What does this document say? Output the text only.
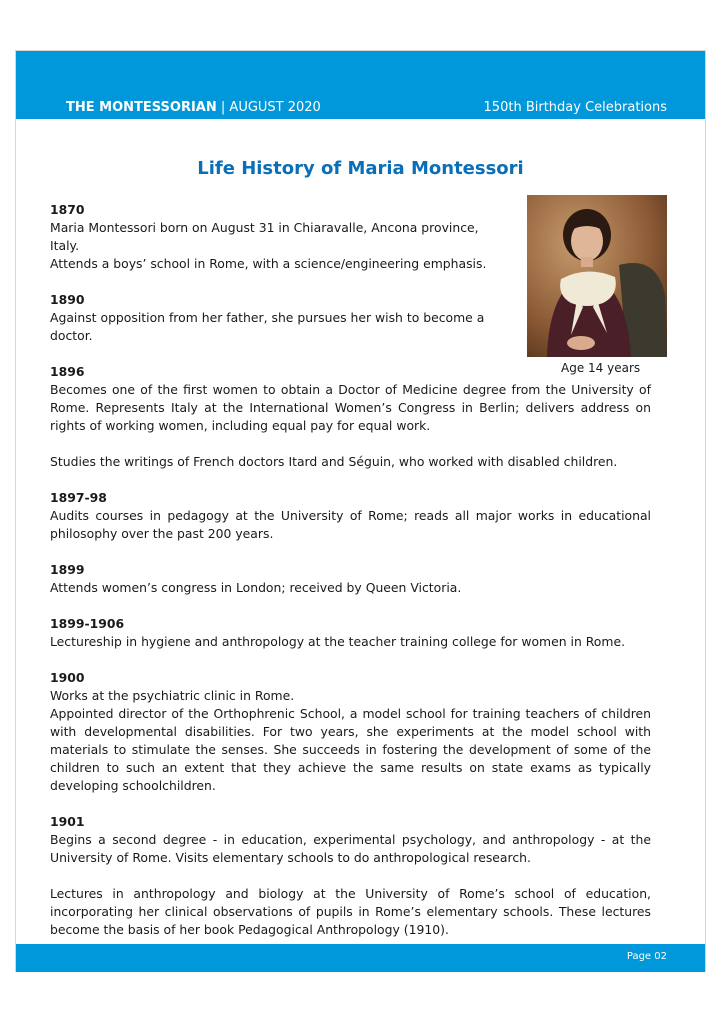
THE MONTESSORIAN | AUGUST 2020	150th Birthday Celebrations
Life History of Maria Montessori
Age 14 years
Page 02
1870

Maria Montessori born on August 31 in Chiaravalle, Ancona province, Italy.

Attends a boys’ school in Rome, with a science/engineering emphasis.

1890

Against opposition from her father, she pursues her wish to become a doctor.

1896

Becomes one of the first women to obtain a Doctor of Medicine degree from the University of Rome. Represents Italy at the International Women’s Congress in Berlin; delivers address on rights of working women, including equal pay for equal work.

Studies the writings of French doctors Itard and Séguin, who worked with disabled children.

1897-98

Audits courses in pedagogy at the University of Rome; reads all major works in educational philosophy over the past 200 years.

1899

Attends women’s congress in London; received by Queen Victoria.

1899-1906

Lectureship in hygiene and anthropology at the teacher training college for women in Rome.

1900

Works at the psychiatric clinic in Rome.

Appointed director of the Orthophrenic School, a model school for training teachers of children with developmental disabilities. For two years, she experiments at the model school with materials to stimulate the senses. She succeeds in fostering the development of some of the children to such an extent that they achieve the same results on state exams as typically developing schoolchildren.

1901

Begins a second degree - in education, experimental psychology, and anthropology - at the University of Rome. Visits elementary schools to do anthropological research.

Lectures in anthropology and biology at the University of Rome’s school of education, incorporating her clinical observations of pupils in Rome’s elementary schools. These lectures become the basis of her book Pedagogical Anthropology (1910).
